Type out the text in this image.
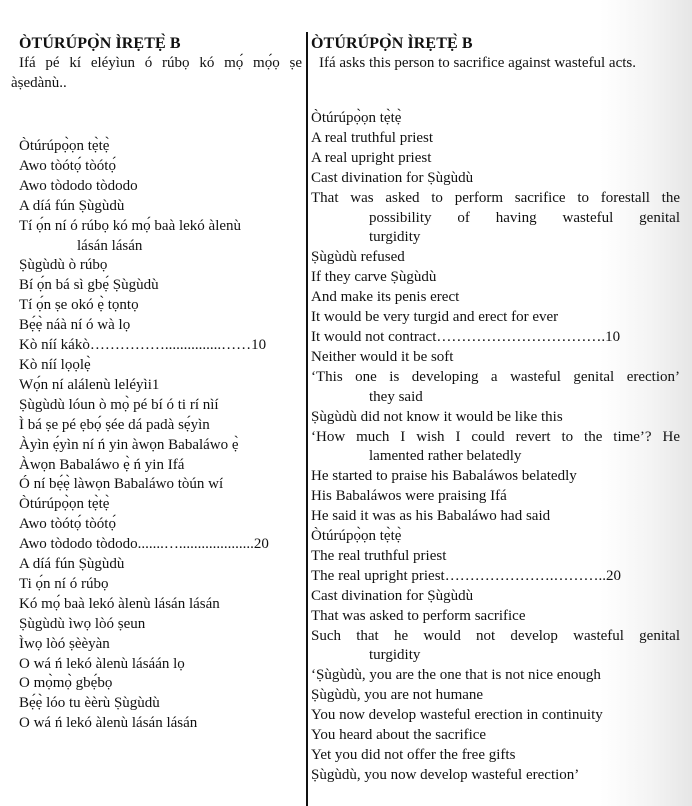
ÒTÚRÚPỌ̀N ÌRẸTẸ̀ B
Ifá pé kí eléyìun ó rúbọ kó mọ́ mọ́ọ ṣe àṣedànù..
Òtúrúpọ̀ọn tẹ̀tẹ̀
Awo tòótọ́ tòótọ́
Awo tòdodo tòdodo
A díá fún Ṣùgùdù
Tí ọ́n ní ó rúbọ kó mọ́ baà lekó àlenù
lásán lásán
Ṣùgùdù ò rúbọ
Bí ọ́n bá sì gbẹ́ Ṣùgùdù
Tí ọ́n ṣe okó ẹ̀ tọntọ
Bẹ́ẹ̀ náà ní ó wà lọ
Kò níí kákò……………...............……10
Kò níí lọọlẹ̀
Wọ́n ní alálenù leléyìi1
Ṣùgùdù lóun ò mọ̀ pé bí ó ti rí nìí
Ì bá ṣe pé ẹbọ́ ṣée dá padà sẹ́yìn
Àyìn ẹ́yìn ní ń yin àwọn Babaláwo ẹ̀
Àwọn Babaláwo ẹ̀ ń yin Ifá
Ó ní bẹ́ẹ̀ làwọn Babaláwo tòún wí
Òtúrúpọ̀ọn tẹ̀tẹ̀
Awo tòótọ́ tòótọ́
Awo tòdodo tòdodo.......…....................20
A díá fún Ṣùgùdù
Ti ọ́n ní ó rúbọ
Kó mọ́ baà lekó àlenù lásán lásán
Ṣùgùdù ìwọ lòó ṣeun
Ìwọ lòó ṣèèyàn
O wá ń lekó àlenù lásáán lọ
O mọ̀mọ̀ gbẹ́bọ
Bẹ́ẹ̀ lóo tu èèrù Ṣùgùdù
O wá ń lekó àlenù lásán lásán
ÒTÚRÚPỌ̀N ÌRẸTẸ̀ B
Ifá asks this person to sacrifice against wasteful acts.
Òtúrúpọ̀ọn tẹ̀tẹ̀
A real truthful priest
A real upright priest
Cast divination for Ṣùgùdù
That was asked to perform sacrifice to forestall the
possibility of having wasteful genital
turgidity
Ṣùgùdù refused
If they carve Ṣùgùdù
And make its penis erect
It would be very turgid and erect for ever
It would not contract…………………………….10
Neither would it be soft
‘This one is developing a wasteful genital erection’
they said
Ṣùgùdù did not know it would be like this
‘How much I wish I could revert to the time’? He
lamented rather belatedly
He started to praise his Babaláwos belatedly
His Babaláwos were praising Ifá
He said it was as his Babaláwo had said
Òtúrúpọ̀ọn tẹ̀tẹ̀
The real truthful priest
The real upright priest………………….………..20
Cast divination for Ṣùgùdù
That was asked to perform sacrifice
Such that he would not develop wasteful genital
turgidity
‘Ṣùgùdù, you are the one that is not nice enough
Ṣùgùdù, you are not humane
You now develop wasteful erection in continuity
You heard about the sacrifice
Yet you did not offer the free gifts
Ṣùgùdù, you now develop wasteful erection’
